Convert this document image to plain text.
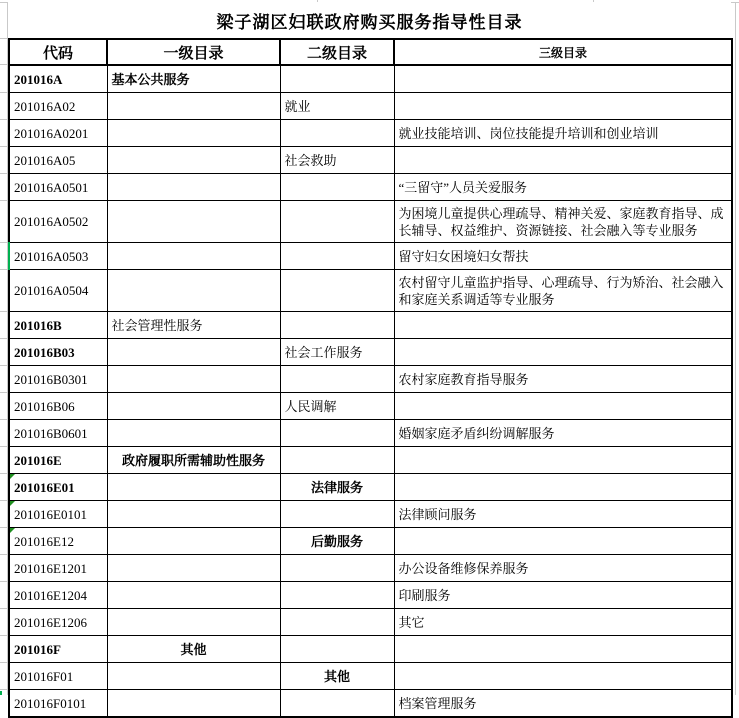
梁子湖区妇联政府购买服务指导性目录
代码	一级目录	二级目录	三级目录
201016A	基本公共服务		
201016A02		就业	
201016A0201			就业技能培训、岗位技能提升培训和创业培训
201016A05		社会救助	
201016A0501			“三留守”人员关爱服务
201016A0502			为困境儿童提供心理疏导、精神关爱、家庭教育指导、成长辅导、权益维护、资源链接、社会融入等专业服务
201016A0503			留守妇女困境妇女帮扶
201016A0504			农村留守儿童监护指导、心理疏导、行为矫治、社会融入和家庭关系调适等专业服务
201016B	社会管理性服务		
201016B03		社会工作服务	
201016B0301			农村家庭教育指导服务
201016B06		人民调解	
201016B0601			婚姻家庭矛盾纠纷调解服务
201016E	政府履职所需辅助性服务		
201016E01		法律服务	
201016E0101			法律顾问服务
201016E12		后勤服务	
201016E1201			办公设备维修保养服务
201016E1204			印刷服务
201016E1206			其它
201016F	其他		
201016F01		其他	
201016F0101			档案管理服务
